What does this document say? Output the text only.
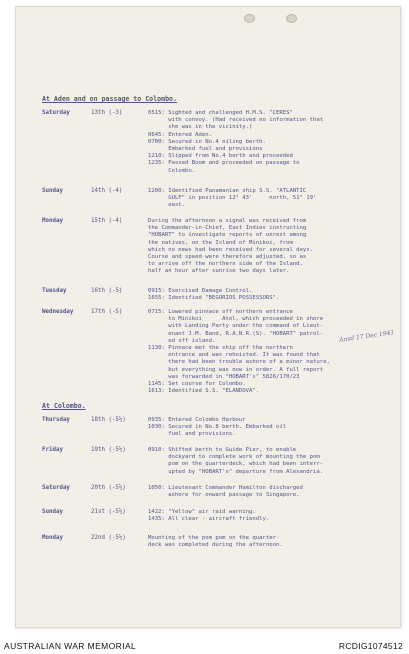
At Aden and on passage to Colombo.
Saturday	13th (-3)	0515: Sighted and challenged H.M.S. "CERES"
with convoy. (Had received no information that
she was in the vicinity.)
0645: Entered Aden.
0700: Secured in No.4 oiling berth.
Embarked fuel and provisions
1210: Slipped from No.4 berth and proceeded
1235: Passed Boom and proceeded on passage to
Colombo.
Sunday	14th (-4)	1200: Identified Panamanian ship S.S. "ATLANTIC
GULF" in position 12° 43'     north, 51° 19'
east.
Monday	15th (-4)	During the afternoon a signal was received from
the Commander-in-Chief, East Indies instructing
"HOBART" to investigate reports of unrest among
the natives, on the Island of Minikoi, from
which no news had been received for several days.
Course and speed were therefore adjusted, so as
to arrive off the northern side of the Island,
half an hour after sunrise two days later.
Tuesday	16th (-5)	0915: Exercised Damage Control.
1655: Identified "BEGORIOS POSSESSORS".
Wednesday	17th (-5)	0715: Lowered pinnace off northern entrance
to Minikoi      Atol, which proceeded in shore
with Landing Party under the command of Lieut-
enant J.M. Band, R.A.N.R.(S). "HOBART" patrol-
ed off island.
1130: Pinnace met the ship off the northern
entrance and was rehoisted. It was found that
there had been trouble ashore of a minor nature,
but everything was now in order. A full report
was forwarded in "HOBART's" 5826/170/23
1145: Set course for Colombo.
1613: Identified S.S. "ELANDOVA".
Ansd 17 Dec 1941
At Colombo.
Thursday	18th (-5½)	0935: Entered Colombo Harbour
1030: Secured in No.8 berth. Embarked oil
fuel and provisions.
Friday	19th (-5½)	0910: Shifted berth to Guide Pier, to enable
dockyard to complete work of mounting the pom
pom on the quarterdeck, which had been interr-
upted by "HOBART's" departure from Alexandria.
Saturday	20th (-5½)	1050: Lieutenant Commander Hamilton discharged
ashore for onward passage to Singapore.
Sunday	21st (-5½)	1422: "Yellow" air raid warning.
1435: All clear - aircraft friendly.
Monday	22nd (-5½)	Mounting of the pom pom on the quarter-
deck was completed during the afternoon.
AUSTRALIAN WAR MEMORIAL	RCDIG1074512
